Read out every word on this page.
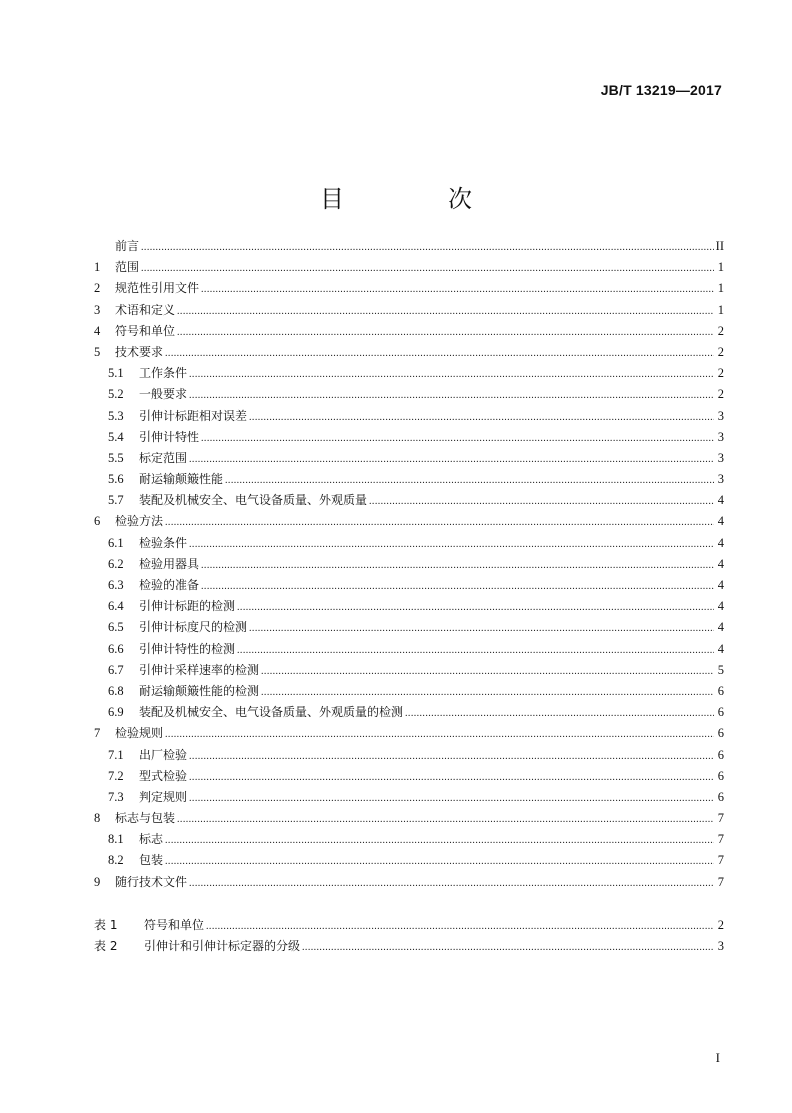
JB/T 13219—2017
目　次
前言 .....	II
1	范围 .....	1
2	规范性引用文件 .....	1
3	术语和定义 .....	1
4	符号和单位 .....	2
5	技术要求 .....	2
5.1	工作条件 .....	2
5.2	一般要求 .....	2
5.3	引伸计标距相对误差 .....	3
5.4	引伸计特性 .....	3
5.5	标定范围 .....	3
5.6	耐运输颠簸性能 .....	3
5.7	装配及机械安全、电气设备质量、外观质量 .....	4
6	检验方法 .....	4
6.1	检验条件 .....	4
6.2	检验用器具 .....	4
6.3	检验的准备 .....	4
6.4	引伸计标距的检测 .....	4
6.5	引伸计标度尺的检测 .....	4
6.6	引伸计特性的检测 .....	4
6.7	引伸计采样速率的检测 .....	5
6.8	耐运输颠簸性能的检测 .....	6
6.9	装配及机械安全、电气设备质量、外观质量的检测 .....	6
7	检验规则 .....	6
7.1	出厂检验 .....	6
7.2	型式检验 .....	6
7.3	判定规则 .....	6
8	标志与包装 .....	7
8.1	标志 .....	7
8.2	包装 .....	7
9	随行技术文件 .....	7
表 1	符号和单位 .....	2
表 2	引伸计和引伸计标定器的分级 .....	3
I
